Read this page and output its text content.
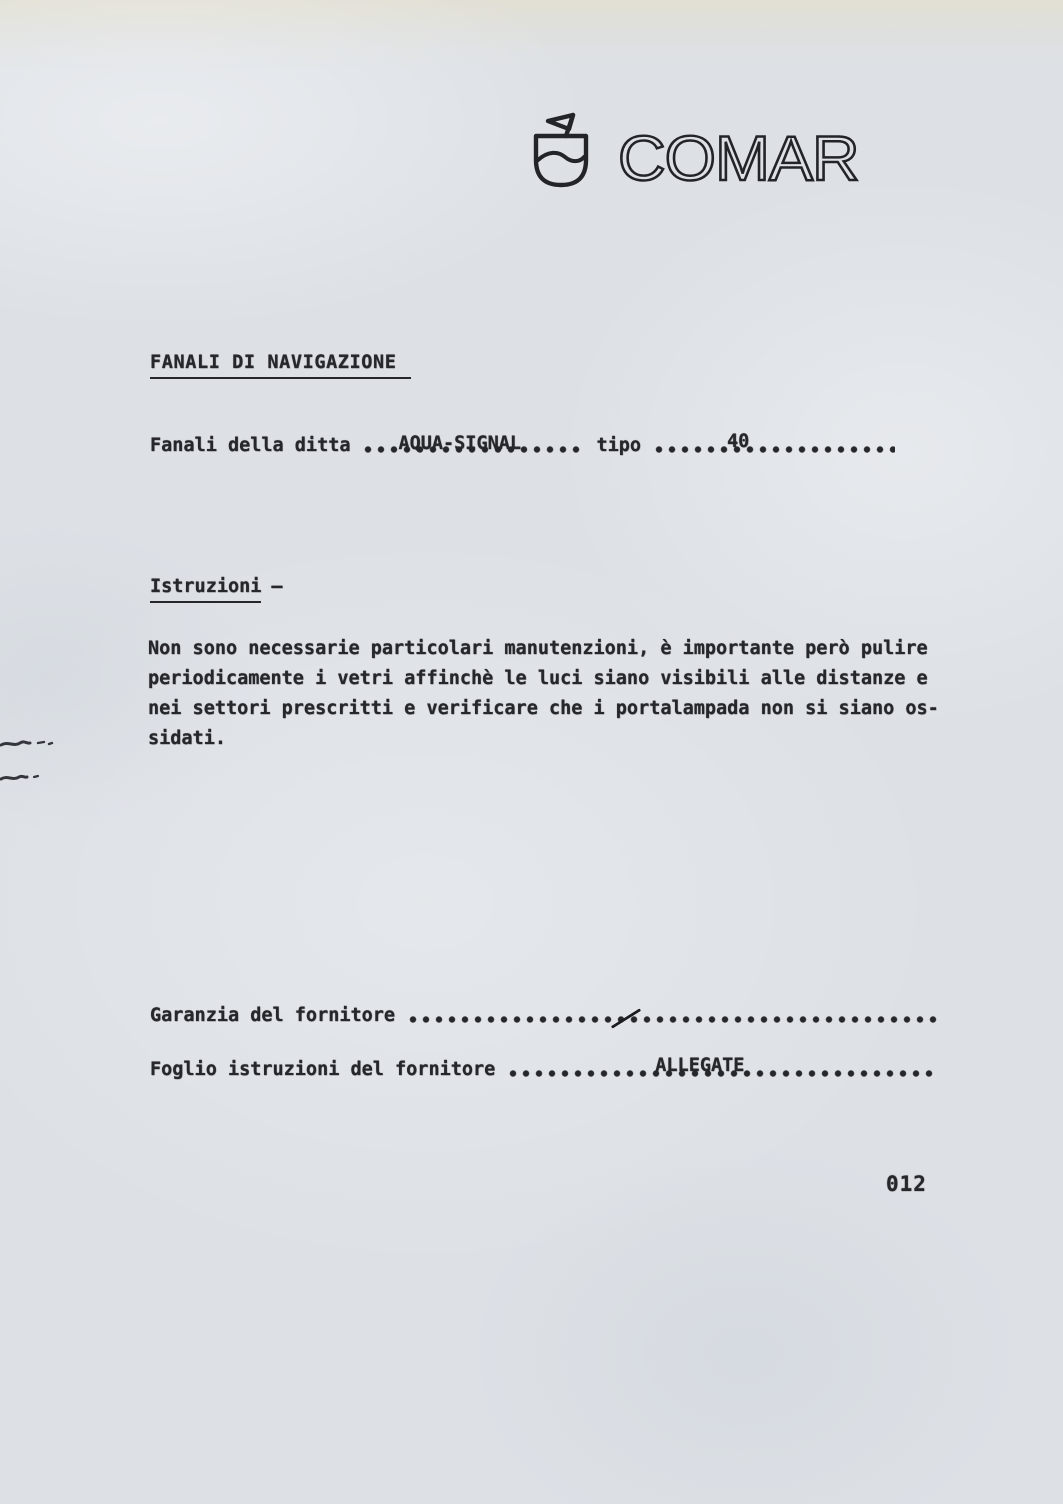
COMAR
FANALI DI NAVIGAZIONE
Fanali della ditta	AQUA-SIGNAL	tipo	40
Istruzioni –
Non sono necessarie particolari manutenzioni, è importante però pulire
periodicamente i vetri affinchè le luci siano visibili alle distanze e
nei settori prescritti e verificare che i portalampada non si siano os-
sidati.
Garanzia del fornitore
Foglio istruzioni del fornitore	ALLEGATE
012
